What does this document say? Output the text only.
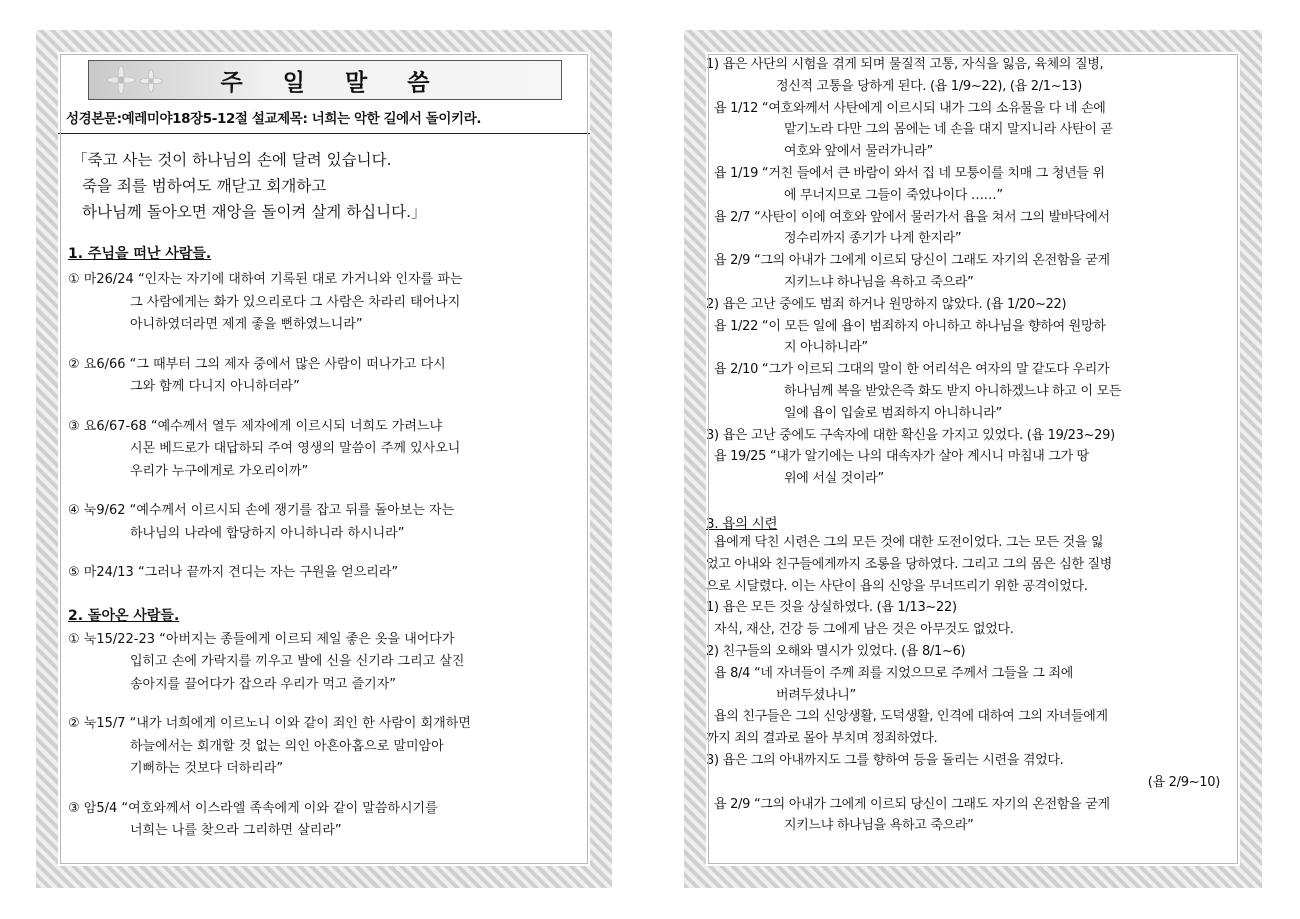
주 일 말 씀
성경본문:예레미야18장5-12절 설교제목: 너희는 악한 길에서 돌이키라.
「죽고 사는 것이 하나님의 손에 달려 있습니다.
죽을 죄를 범하여도 깨닫고 회개하고
하나님께 돌아오면 재앙을 돌이켜 살게 하십니다.」
1. 주님을 떠난 사람들.
① 마26/24 “인자는 자기에 대하여 기록된 대로 가거니와 인자를 파는
그 사람에게는 화가 있으리로다 그 사람은 차라리 태어나지
아니하였더라면 제게 좋을 뻔하였느니라”
② 요6/66 “그 때부터 그의 제자 중에서 많은 사람이 떠나가고 다시
그와 함께 다니지 아니하더라”
③ 요6/67-68 “예수께서 열두 제자에게 이르시되 너희도 가려느냐
시몬 베드로가 대답하되 주여 영생의 말씀이 주께 있사오니
우리가 누구에게로 가오리이까”
④ 눅9/62 “예수께서 이르시되 손에 쟁기를 잡고 뒤를 돌아보는 자는
하나님의 나라에 합당하지 아니하니라 하시니라”
⑤ 마24/13 “그러나 끝까지 견디는 자는 구원을 얻으리라”
2. 돌아온 사람들.
① 눅15/22-23 “아버지는 종들에게 이르되 제일 좋은 옷을 내어다가
입히고 손에 가락지를 끼우고 발에 신을 신기라 그리고 살진
송아지를 끌어다가 잡으라 우리가 먹고 즐기자”
② 눅15/7 “내가 너희에게 이르노니 이와 같이 죄인 한 사람이 회개하면
하늘에서는 회개할 것 없는 의인 아흔아홉으로 말미암아
기뻐하는 것보다 더하리라”
③ 암5/4 “여호와께서 이스라엘 족속에게 이와 같이 말씀하시기를
너희는 나를 찾으라 그리하면 살리라”
1) 욥은 사단의 시험을 겪게 되며 물질적 고통, 자식을 잃음, 육체의 질병,
정신적 고통을 당하게 된다. (욥 1/9~22), (욥 2/1~13)
욥 1/12 “여호와께서 사탄에게 이르시되 내가 그의 소유물을 다 네 손에
맡기노라 다만 그의 몸에는 네 손을 대지 말지니라 사탄이 곧
여호와 앞에서 물러가니라”
욥 1/19 “거친 들에서 큰 바람이 와서 집 네 모퉁이를 치매 그 청년들 위
에 무너지므로 그들이 죽었나이다 ……”
욥 2/7 “사탄이 이에 여호와 앞에서 물러가서 욥을 쳐서 그의 발바닥에서
정수리까지 종기가 나게 한지라”
욥 2/9 “그의 아내가 그에게 이르되 당신이 그래도 자기의 온전함을 굳게
지키느냐 하나님을 욕하고 죽으라”
2) 욥은 고난 중에도 범죄 하거나 원망하지 않았다. (욥 1/20~22)
욥 1/22 “이 모든 일에 욥이 범죄하지 아니하고 하나님을 향하여 원망하
지 아니하니라”
욥 2/10 “그가 이르되 그대의 말이 한 어리석은 여자의 말 같도다 우리가
하나님께 복을 받았은즉 화도 받지 아니하겠느냐 하고 이 모든
일에 욥이 입술로 범죄하지 아니하니라”
3) 욥은 고난 중에도 구속자에 대한 확신을 가지고 있었다. (욥 19/23~29)
욥 19/25 “내가 알기에는 나의 대속자가 살아 계시니 마침내 그가 땅
위에 서실 것이라”
3. 욥의 시련
욥에게 닥친 시련은 그의 모든 것에 대한 도전이었다. 그는 모든 것을 잃
었고 아내와 친구들에게까지 조롱을 당하였다. 그리고 그의 몸은 심한 질병
으로 시달렸다. 이는 사단이 욥의 신앙을 무너뜨리기 위한 공격이었다.
1) 욥은 모든 것을 상실하였다. (욥 1/13~22)
자식, 재산, 건강 등 그에게 남은 것은 아무것도 없었다.
2) 친구들의 오해와 멸시가 있었다. (욥 8/1~6)
욥 8/4 “네 자녀들이 주께 죄를 지었으므로 주께서 그들을 그 죄에
버려두셨나니”
욥의 친구들은 그의 신앙생활, 도덕생활, 인격에 대하여 그의 자녀들에게
까지 죄의 결과로 몰아 부치며 정죄하였다.
3) 욥은 그의 아내까지도 그를 향하여 등을 돌리는 시련을 겪었다.
(욥 2/9~10)
욥 2/9 “그의 아내가 그에게 이르되 당신이 그래도 자기의 온전함을 굳게
지키느냐 하나님을 욕하고 죽으라”
